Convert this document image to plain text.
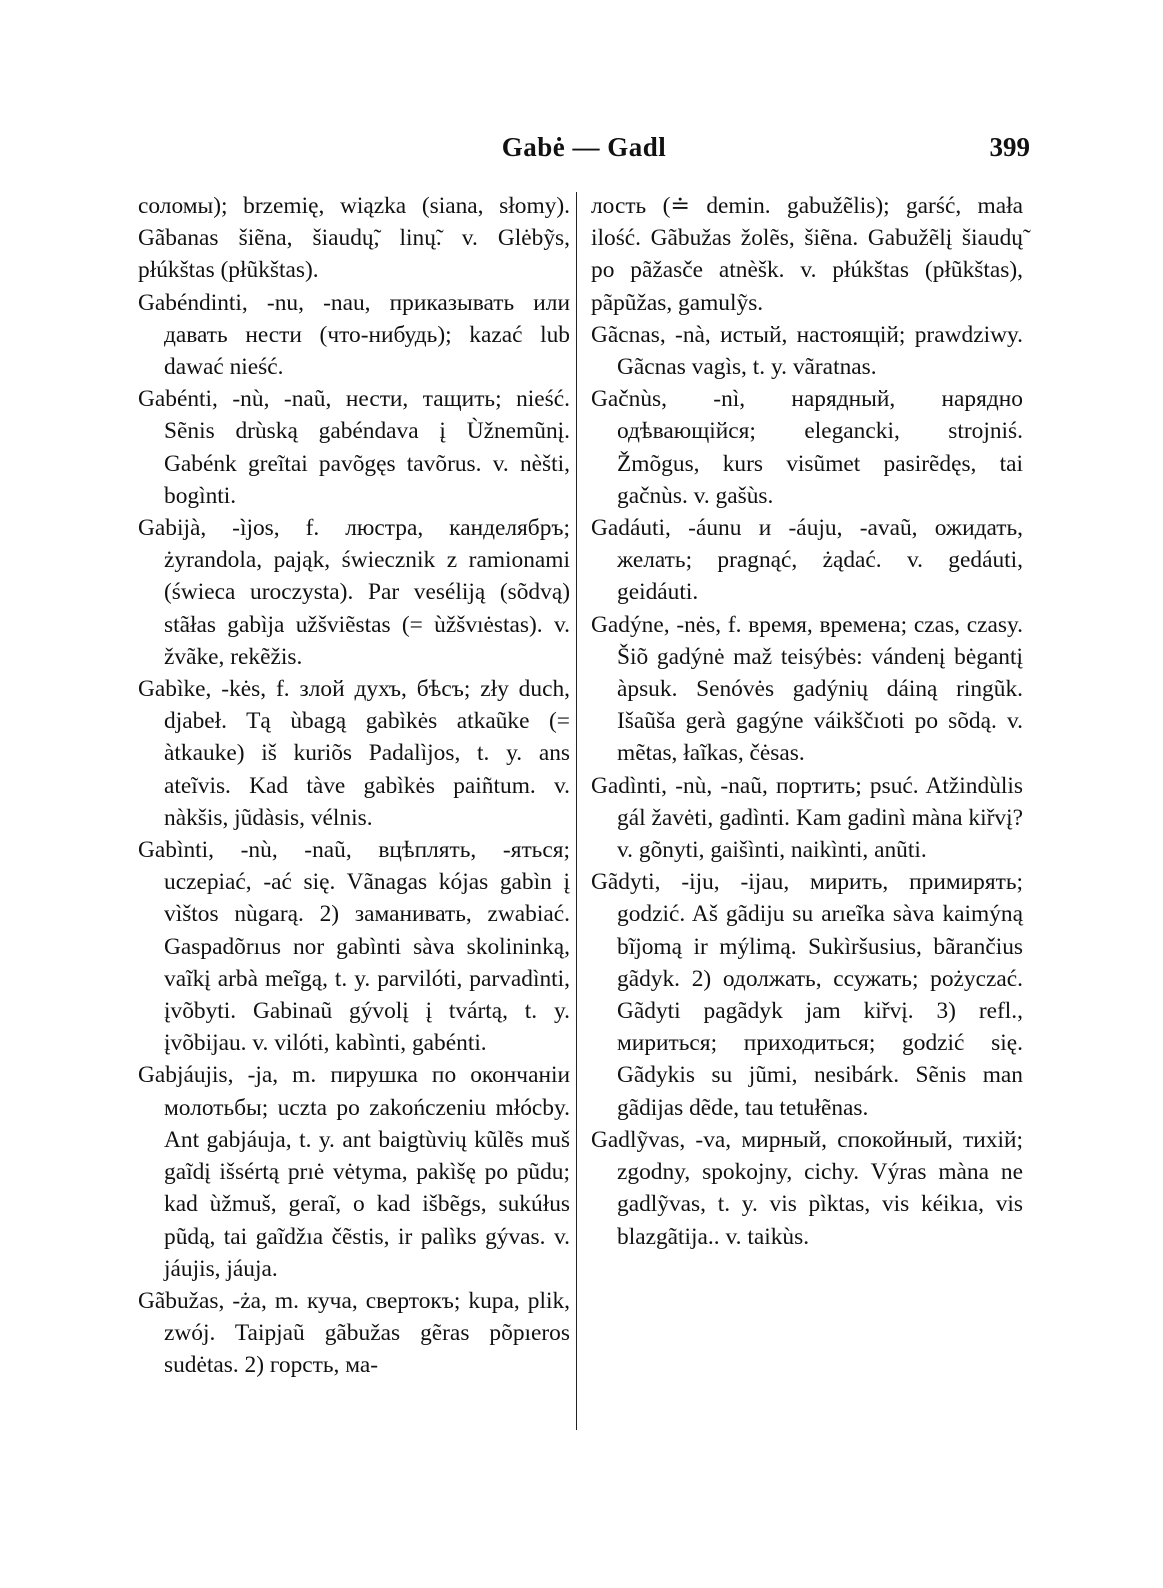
Gabė — Gadl	399

соломы); brzemię, wiązka (siana, słomy). Gãbanas šiẽna, šiaudų̃, linų̃. v. Glėbỹs, płúkštas (płũkštas).

Gabéndinti, -nu, -nau, приказывать или давать нести (что-нибудь); kazać lub dawać nieść.

Gabénti, -nù, -naũ, нести, тащить; nieść. Sẽnis drùską gabéndava į Ùžnemũnį. Gabénk greĩtai pavõgęs tavõrus. v. nèšti, bogìnti.

Gabijà, -ìjos, f. люстра, канделябръ; żyrandola, pająk, świecznik z ramionami (świeca uroczysta). Par veséliją (sõdvą) stãłas gabìja užšviẽstas (= ùžšvıėstas). v. žvãke, rekẽžis.

Gabìke, -kės, f. злой духъ, бѣсъ; zły duch, djabeł. Tą ùbagą gabìkės atkaũke (= àtkauke) iš kuriõs Padalìjos, t. y. ans ateĩvis. Kad tàve gabìkės paiñtum. v. nàkšis, jũdàsis, vélnis.

Gabìnti, -nù, -naũ, вцѣплять, -яться; uczepiać, -ać się. Vãnagas kójas gabìn į vìštos nùgarą. 2) заманивать, zwabiać. Gaspadõrıus nor gabìnti sàva skolininką, vaĩkį arbà meĩgą, t. y. parvilóti, parvadìnti, įvõbyti. Gabinaũ gývolį į tvártą, t. y. įvõbijau. v. vilóti, kabìnti, gabénti.

Gabjáujis, -ja, m. пирушка по окончаніи молотьбы; uczta po zakończeniu młócby. Ant gabjáuja, t. y. ant baigtùvių kũlẽs muš gaĩdį išsértą prıė vėtyma, pakìšę po pũdu; kad ùžmuš, geraĩ, o kad išbẽgs, sukúłus pũdą, tai gaĩdžıa čẽstis, ir palìks gývas. v. jáujis, jáuja.

Gãbužas, -ża, m. куча, свертокъ; kupa, plik, zwój. Taipjaũ gãbužas gẽras põpıeros sudėtas. 2) горсть, ма-

лость (≐ demin. gabužẽlis); garść, mała ilość. Gãbužas žolẽs, šiẽna. Gabužẽlį šiaudų̃ po pãžasče atnèšk. v. płúkštas (płũkštas), pãpũžas, gamulỹs.

Gãcnas, -nà, истый, настоящій; prawdziwy. Gãcnas vagìs, t. y. vãratnas.

Gačnùs, -nì, нарядный, нарядно одѣвающійся; elegancki, strojniś. Žmõgus, kurs visũmet pasirẽdęs, tai gačnùs. v. gašùs.

Gadáuti, -áunu и -áuju, -avaũ, ожидать, желать; pragnąć, żądać. v. gedáuti, geidáuti.

Gadýne, -nės, f. время, времена; czas, czasy. Šiõ gadýnė maž teisýbės: vándenį bėgantį àpsuk. Senóvės gadýnių dáiną ringũk. Išaũša gerà gagýne váikščıoti po sõdą. v. mẽtas, łaĩkas, čėsas.

Gadìnti, -nù, -naũ, портить; psuć. Atžindùlis gál žavėti, gadìnti. Kam gadinì màna kiřvį? v. gõnyti, gaišìnti, naikìnti, anũti.

Gãdyti, -iju, -ijau, мирить, примирять; godzić. Aš gãdiju su arıeĩka sàva kaimýną bĩjomą ir mýlimą. Sukìršusius, bãrančius gãdyk. 2) одолжать, ссужать; pożyczać. Gãdyti pagãdyk jam kiřvį. 3) refl., мириться; приходиться; godzić się. Gãdykis su jũmi, nesibárk. Sẽnis man gãdijas dẽde, tau tetułẽnas.

Gadlỹvas, -va, мирный, спокойный, тихій; zgodny, spokojny, cichy. Výras màna ne gadlỹvas, t. y. vis pìktas, vis kéikıa, vis blazgãtija.. v. taikùs.
